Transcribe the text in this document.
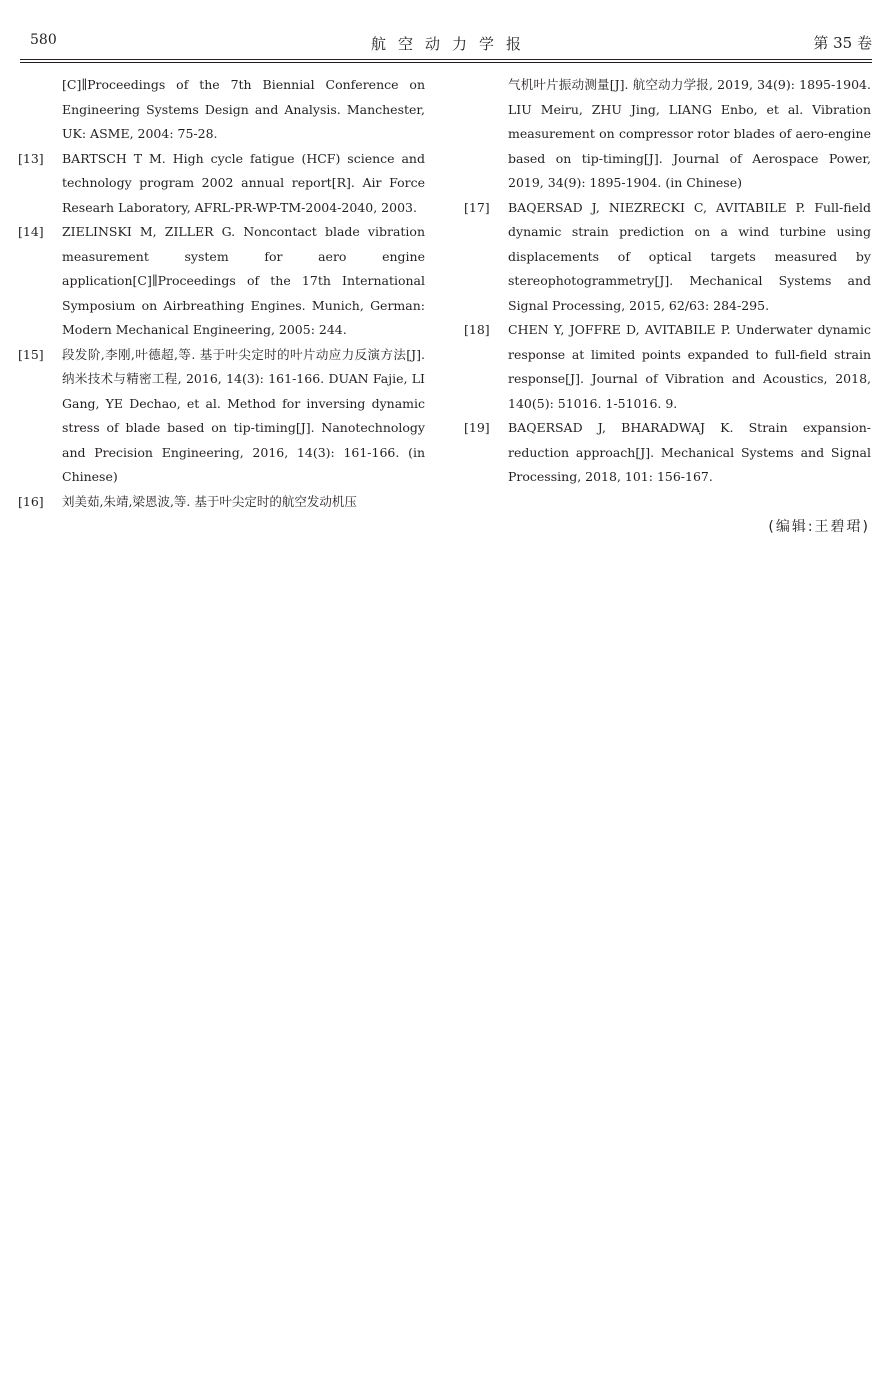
580	航空动力学报	第 35 卷
[C]∥Proceedings of the 7th Biennial Conference on Engineering Systems Design and Analysis. Manchester, UK: ASME, 2004: 75-28.
[13] BARTSCH T M. High cycle fatigue (HCF) science and technology program 2002 annual report[R]. Air Force Researh Laboratory, AFRL-PR-WP-TM-2004-2040, 2003.
[14] ZIELINSKI M, ZILLER G. Noncontact blade vibration measurement system for aero engine application[C]∥Proceedings of the 17th International Symposium on Airbreathing Engines. Munich, German: Modern Mechanical Engineering, 2005: 244.
[15] 段发阶,李刚,叶德超,等. 基于叶尖定时的叶片动应力反演方法[J]. 纳米技术与精密工程, 2016, 14(3): 161-166. DUAN Fajie, LI Gang, YE Dechao, et al. Method for inversing dynamic stress of blade based on tip-timing[J]. Nanotechnology and Precision Engineering, 2016, 14(3): 161-166. (in Chinese)
[16] 刘美茹,朱靖,梁恩波,等. 基于叶尖定时的航空发动机压
气机叶片振动测量[J]. 航空动力学报, 2019, 34(9): 1895-1904. LIU Meiru, ZHU Jing, LIANG Enbo, et al. Vibration measurement on compressor rotor blades of aero-engine based on tip-timing[J]. Journal of Aerospace Power, 2019, 34(9): 1895-1904. (in Chinese)
[17] BAQERSAD J, NIEZRECKI C, AVITABILE P. Full-field dynamic strain prediction on a wind turbine using displacements of optical targets measured by stereophotogrammetry[J]. Mechanical Systems and Signal Processing, 2015, 62/63: 284-295.
[18] CHEN Y, JOFFRE D, AVITABILE P. Underwater dynamic response at limited points expanded to full-field strain response[J]. Journal of Vibration and Acoustics, 2018, 140(5): 51016. 1-51016. 9.
[19] BAQERSAD J, BHARADWAJ K. Strain expansion-reduction approach[J]. Mechanical Systems and Signal Processing, 2018, 101: 156-167.
(编辑:王碧珺)
